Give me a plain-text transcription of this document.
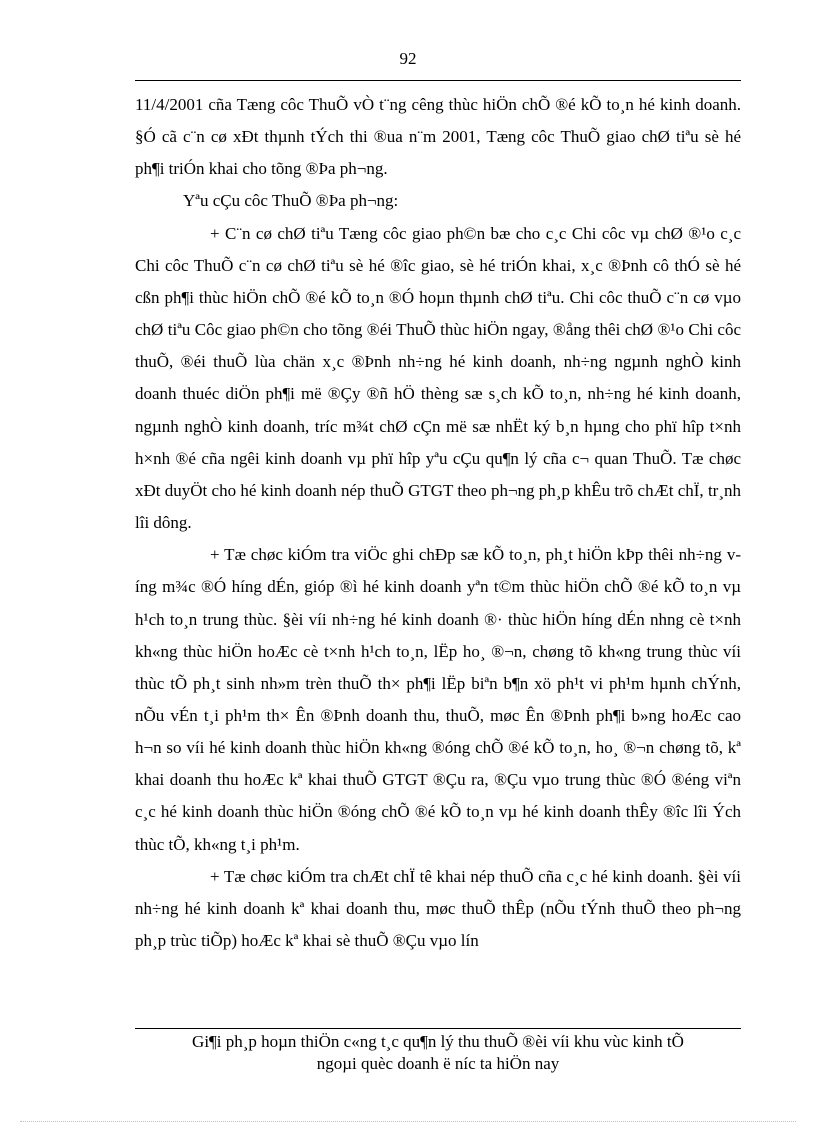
92

11/4/2001 cña Tæng côc ThuÕ vÒ t¨ng cêng thùc hiÖn chÕ ®é kÕ to¸n hé kinh doanh. §Ó cã c¨n cø xÐt thµnh tÝch thi ®ua n¨m 2001, Tæng côc ThuÕ giao chØ tiªu sè hé ph¶i triÓn khai cho tõng ®Þa ph¬ng.

Yªu cÇu côc ThuÕ ®Þa ph¬ng:

+ C¨n cø chØ tiªu Tæng côc giao ph©n bæ cho c¸c Chi côc vµ chØ ®¹o c¸c Chi côc ThuÕ c¨n cø chØ tiªu sè hé ®îc giao, sè hé triÓn khai, x¸c ®Þnh cô thÓ sè hé cßn ph¶i thùc hiÖn chÕ ®é kÕ to¸n ®Ó hoµn thµnh chØ tiªu. Chi côc thuÕ c¨n cø vµo chØ tiªu Côc giao ph©n cho tõng ®éi ThuÕ thùc hiÖn ngay, ®ång thêi chØ ®¹o Chi côc thuÕ, ®éi thuÕ lùa chän x¸c ®Þnh nh÷ng hé kinh doanh, nh÷ng ngµnh nghÒ kinh doanh thuéc diÖn ph¶i më ®Çy ®ñ hÖ thèng sæ s¸ch kÕ to¸n, nh÷ng hé kinh doanh, ngµnh nghÒ kinh doanh, tríc m¾t chØ cÇn më sæ nhËt ký b¸n hµng cho phï hîp t×nh h×nh ®é cña ngêi kinh doanh vµ phï hîp yªu cÇu qu¶n lý cña c¬ quan ThuÕ. Tæ chøc xÐt duyÖt cho hé kinh doanh nép thuÕ GTGT theo ph¬ng ph¸p khÊu trõ chÆt chÏ, tr¸nh lîi dông.

+ Tæ chøc kiÓm tra viÖc ghi chÐp sæ kÕ to¸n, ph¸t hiÖn kÞp thêi nh÷ng víng m¾c ®Ó híng dÉn, gióp ®ì hé kinh doanh yªn t©m thùc hiÖn chÕ ®é kÕ to¸n vµ h¹ch to¸n trung thùc. §èi víi nh÷ng hé kinh doanh ®· thùc hiÖn híng dÉn nhng cè t×nh kh«ng thùc hiÖn hoÆc cè t×nh h¹ch to¸n, lËp ho¸ ®¬n, chøng tõ kh«ng trung thùc víi thùc tÕ ph¸t sinh nh»m trèn thuÕ th× ph¶i lËp biªn b¶n xö ph¹t vi ph¹m hµnh chÝnh, nÕu vÉn t¸i ph¹m th× Ên ®Þnh doanh thu, thuÕ, møc Ên ®Þnh ph¶i b»ng hoÆc cao h¬n so víi hé kinh doanh thùc hiÖn kh«ng ®óng chÕ ®é kÕ to¸n, ho¸ ®¬n chøng tõ, kª khai doanh thu hoÆc kª khai thuÕ GTGT ®Çu ra, ®Çu vµo trung thùc ®Ó ®éng viªn c¸c hé kinh doanh thùc hiÖn ®óng chÕ ®é kÕ to¸n vµ hé kinh doanh thÊy ®îc lîi Ých thùc tÕ, kh«ng t¸i ph¹m.

+ Tæ chøc kiÓm tra chÆt chÏ tê khai nép thuÕ cña c¸c hé kinh doanh. §èi víi nh÷ng hé kinh doanh kª khai doanh thu, møc thuÕ thÊp (nÕu tÝnh thuÕ theo ph¬ng ph¸p trùc tiÕp) hoÆc kª khai sè thuÕ ®Çu vµo lín

Gi¶i ph¸p hoµn thiÖn c«ng t¸c qu¶n lý thu thuÕ ®èi víi khu vùc kinh tÕ
ngoµi quèc doanh ë níc ta hiÖn nay
